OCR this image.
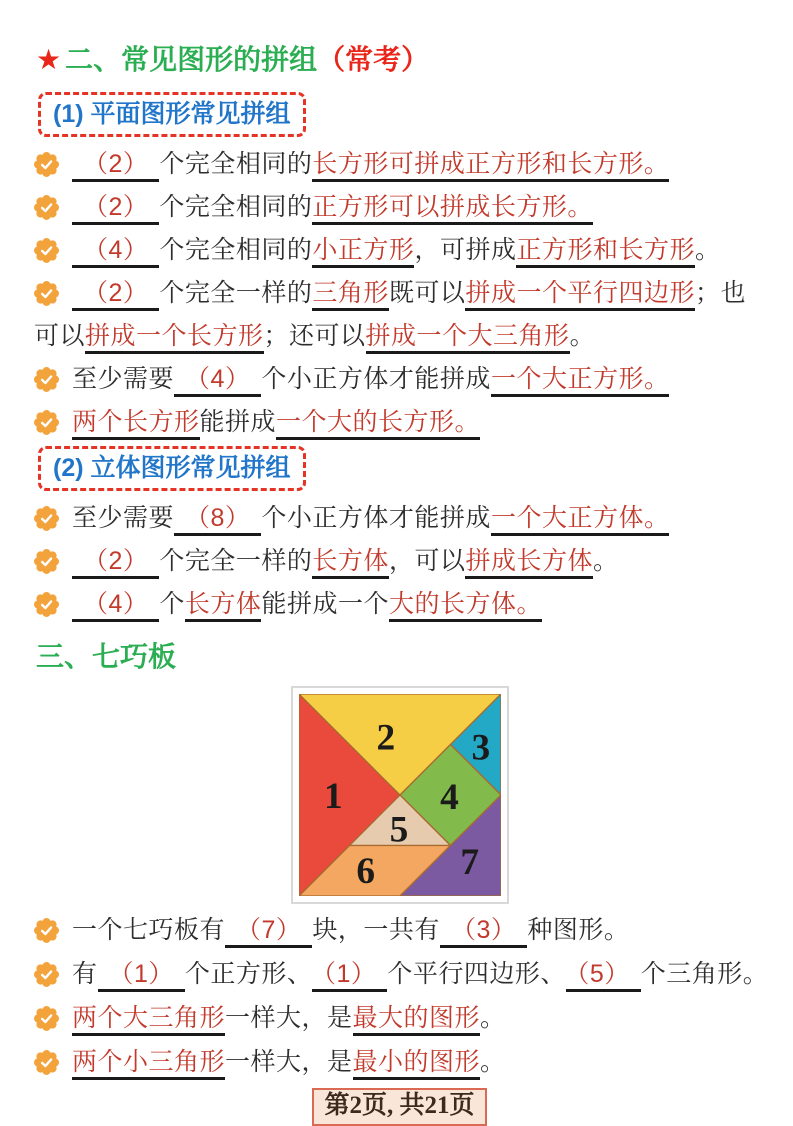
★ 二、常见图形的拼组（常考）
(1) 平面图形常见拼组

（2） 个完全相同的长方形可拼成正方形和长方形。

（2） 个完全相同的正方形可以拼成长方形。

（4） 个完全相同的小正方形，可拼成正方形和长方形。

（2） 个完全一样的三角形既可以拼成一个平行四边形；也

可以拼成一个长方形；还可以拼成一个大三角形。

至少需要 （4） 个小正方体才能拼成一个大正方形。

两个长方形能拼成一个大的长方形。

(2) 立体图形常见拼组

至少需要 （8） 个小正方体才能拼成一个大正方体。

（2） 个完全一样的长方体，可以拼成长方体。

（4） 个长方体能拼成一个大的长方体。

三、七巧板
1
2 3
4
5
6 7

一个七巧板有 （7） 块，一共有 （3） 种图形。

有 （1） 个正方形、 （1） 个平行四边形、 （5） 个三角形。

两个大三角形一样大，是最大的图形。

两个小三角形一样大，是最小的图形。

第2页, 共21页
